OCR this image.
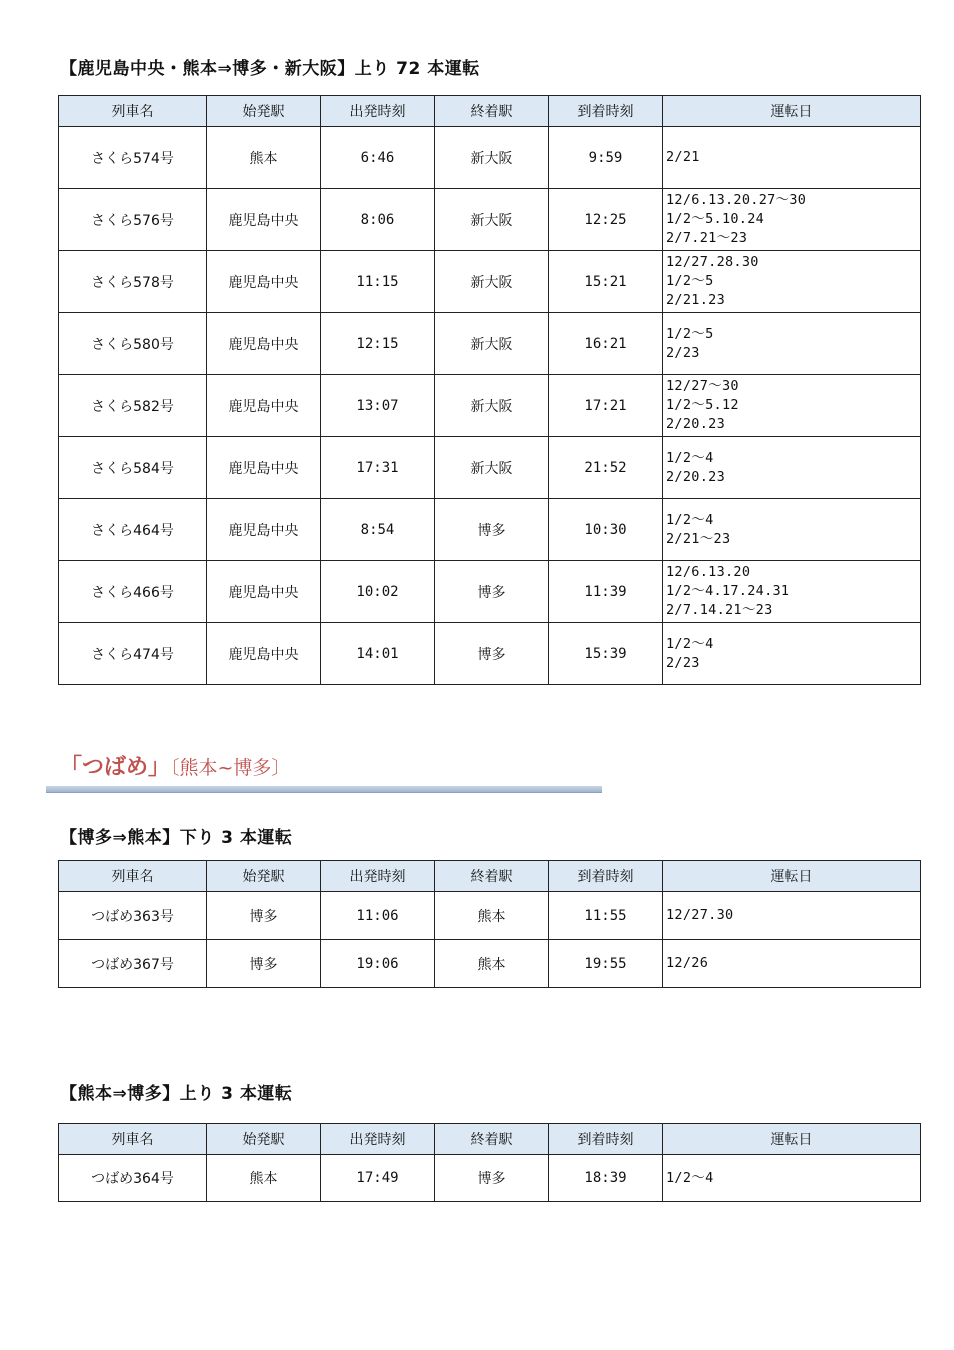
【鹿児島中央・熊本⇒博多・新大阪】上り 72 本運転
列車名	始発駅	出発時刻	終着駅	到着時刻	運転日
さくら574号	熊本	6:46	新大阪	9:59	2/21

さくら576号	鹿児島中央	8:06	新大阪	12:25	12/6.13.20.27～30
1/2～5.10.24
2/7.21～23

さくら578号	鹿児島中央	11:15	新大阪	15:21	12/27.28.30
1/2～5
2/21.23

さくら580号	鹿児島中央	12:15	新大阪	16:21	1/2～5
2/23

さくら582号	鹿児島中央	13:07	新大阪	17:21	12/27～30
1/2～5.12
2/20.23

さくら584号	鹿児島中央	17:31	新大阪	21:52	1/2～4
2/20.23

さくら464号	鹿児島中央	8:54	博多	10:30	1/2～4
2/21～23

さくら466号	鹿児島中央	10:02	博多	11:39	12/6.13.20
1/2～4.17.24.31
2/7.14.21～23

さくら474号	鹿児島中央	14:01	博多	15:39	1/2～4
2/23
「つばめ」〔熊本~博多〕
【博多⇒熊本】下り 3 本運転
列車名	始発駅	出発時刻	終着駅	到着時刻	運転日
つばめ363号	博多	11:06	熊本	11:55	12/27.30

つばめ367号	博多	19:06	熊本	19:55	12/26
【熊本⇒博多】上り 3 本運転
列車名	始発駅	出発時刻	終着駅	到着時刻	運転日
つばめ364号	熊本	17:49	博多	18:39	1/2～4
